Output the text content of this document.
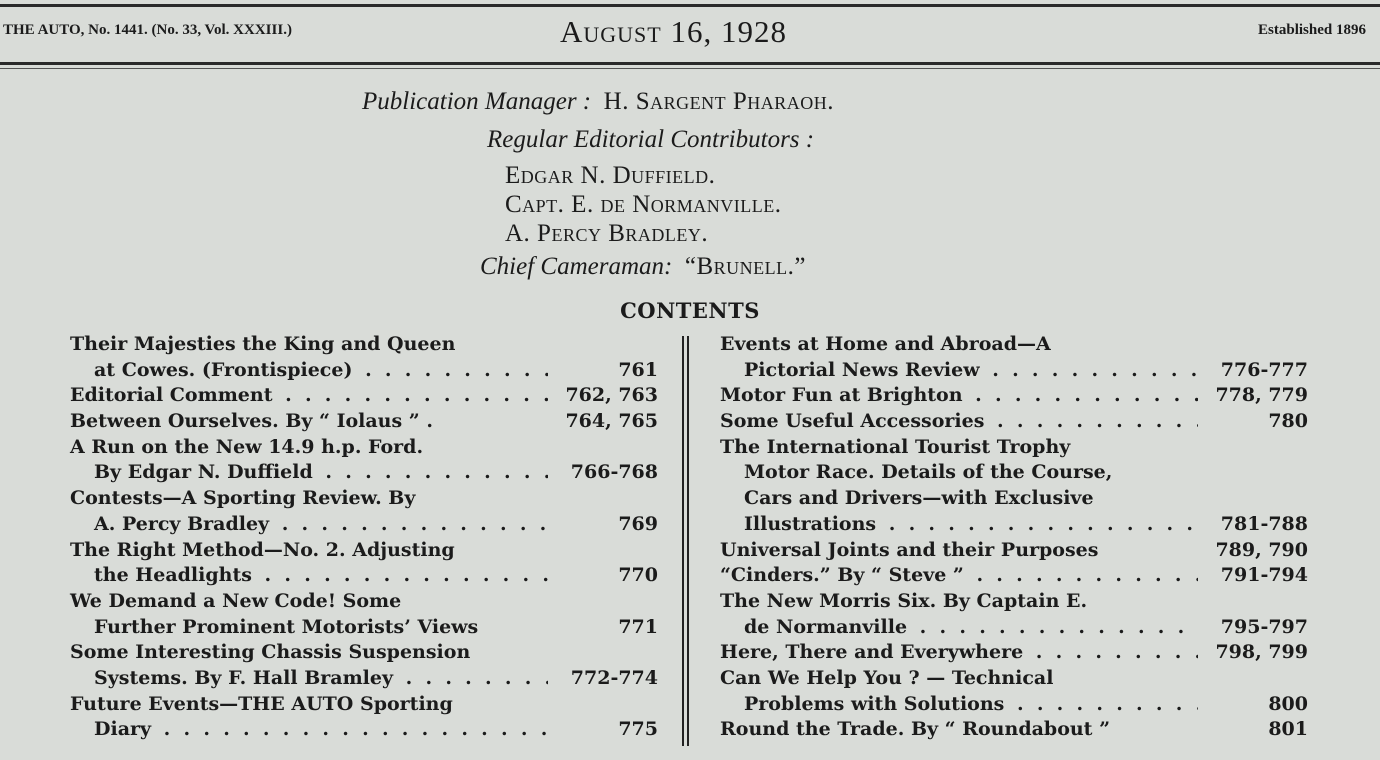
THE AUTO, No. 1441. (No. 33, Vol. XXXIII.)	August 16, 1928	Established 1896
Publication Manager : H. Sargent Pharaoh.
Regular Editorial Contributors :
Edgar N. Duffield.
Capt. E. de Normanville.
A. Percy Bradley.
Chief Cameraman: “Brunell.”
CONTENTS
Their Majesties the King and Queen
at Cowes. (Frontispiece) . .	761
Editorial Comment . .	762, 763
Between Ourselves. By “ Iolaus ” .	764, 765
A Run on the New 14.9 h.p. Ford.
By Edgar N. Duffield . .	766-768
Contests—A Sporting Review. By
A. Percy Bradley . .	769
The Right Method—No. 2. Adjusting
the Headlights . .	770
We Demand a New Code! Some
Further Prominent Motorists’ Views	771
Some Interesting Chassis Suspension
Systems. By F. Hall Bramley . .	772-774
Future Events—THE AUTO Sporting
Diary . .	775
Events at Home and Abroad—A
Pictorial News Review . .	776-777
Motor Fun at Brighton . .	778, 779
Some Useful Accessories . .	780
The International Tourist Trophy
Motor Race. Details of the Course,
Cars and Drivers—with Exclusive
Illustrations . .	781-788
Universal Joints and their Purposes	789, 790
“Cinders.” By “ Steve ” . .	791-794
The New Morris Six. By Captain E.
de Normanville . .	795-797
Here, There and Everywhere . .	798, 799
Can We Help You ? — Technical
Problems with Solutions . .	800
Round the Trade. By “ Roundabout ”	801
